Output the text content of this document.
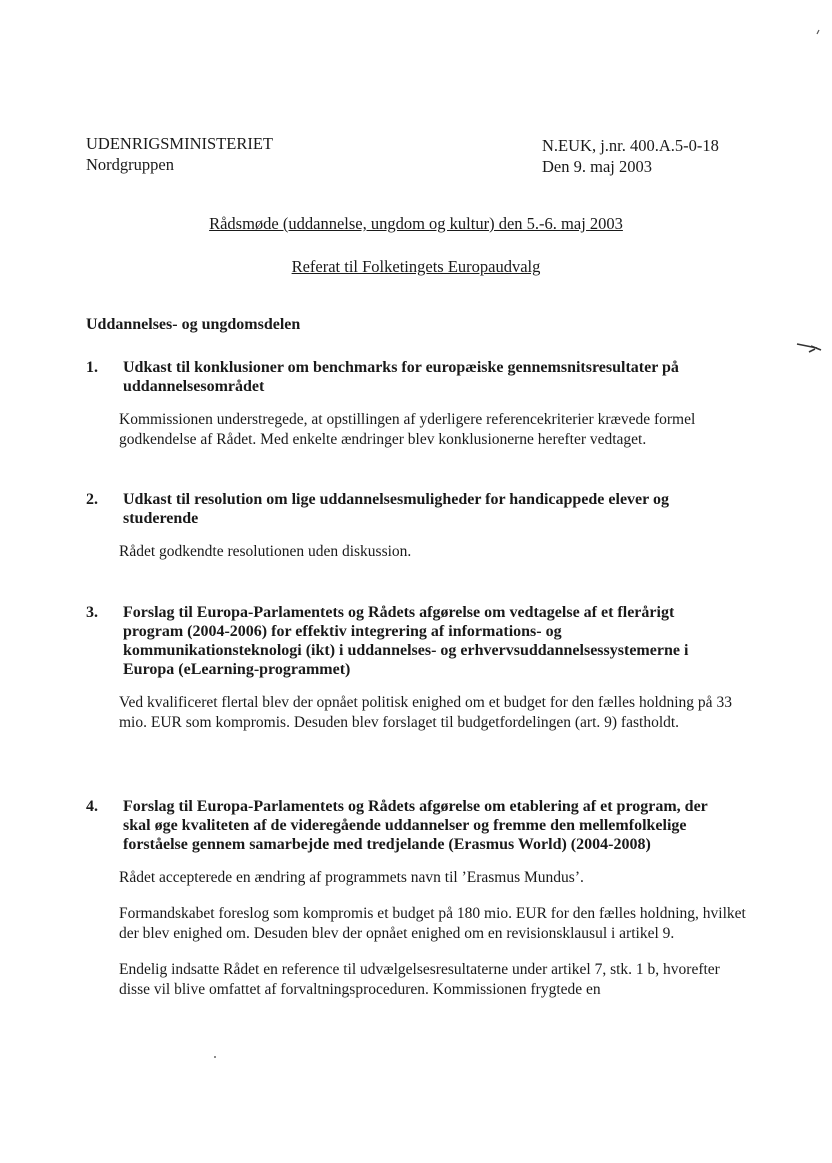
UDENRIGSMINISTERIET
Nordgruppen
N.EUK, j.nr. 400.A.5-0-18
Den 9. maj 2003
Rådsmøde (uddannelse, ungdom og kultur) den 5.-6. maj 2003
Referat til Folketingets Europaudvalg
Uddannelses- og ungdomsdelen
1. Udkast til konklusioner om benchmarks for europæiske gennemsnitsresultater på uddannelsesområdet
Kommissionen understregede, at opstillingen af yderligere referencekriterier krævede formel godkendelse af Rådet. Med enkelte ændringer blev konklusionerne herefter vedtaget.
2. Udkast til resolution om lige uddannelsesmuligheder for handicappede elever og studerende
Rådet godkendte resolutionen uden diskussion.
3. Forslag til Europa-Parlamentets og Rådets afgørelse om vedtagelse af et flerårigt program (2004-2006) for effektiv integrering af informations- og kommunikationsteknologi (ikt) i uddannelses- og erhvervsuddannelsessystemerne i Europa (eLearning-programmet)
Ved kvalificeret flertal blev der opnået politisk enighed om et budget for den fælles holdning på 33 mio. EUR som kompromis. Desuden blev forslaget til budgetfordelingen (art. 9) fastholdt.
4. Forslag til Europa-Parlamentets og Rådets afgørelse om etablering af et program, der skal øge kvaliteten af de videregående uddannelser og fremme den mellemfolkelige forståelse gennem samarbejde med tredjelande (Erasmus World) (2004-2008)
Rådet accepterede en ændring af programmets navn til ’Erasmus Mundus’.
Formandskabet foreslog som kompromis et budget på 180 mio. EUR for den fælles holdning, hvilket der blev enighed om. Desuden blev der opnået enighed om en revisionsklausul i artikel 9.
Endelig indsatte Rådet en reference til udvælgelsesresultaterne under artikel 7, stk. 1 b, hvorefter disse vil blive omfattet af forvaltningsproceduren. Kommissionen frygtede en
